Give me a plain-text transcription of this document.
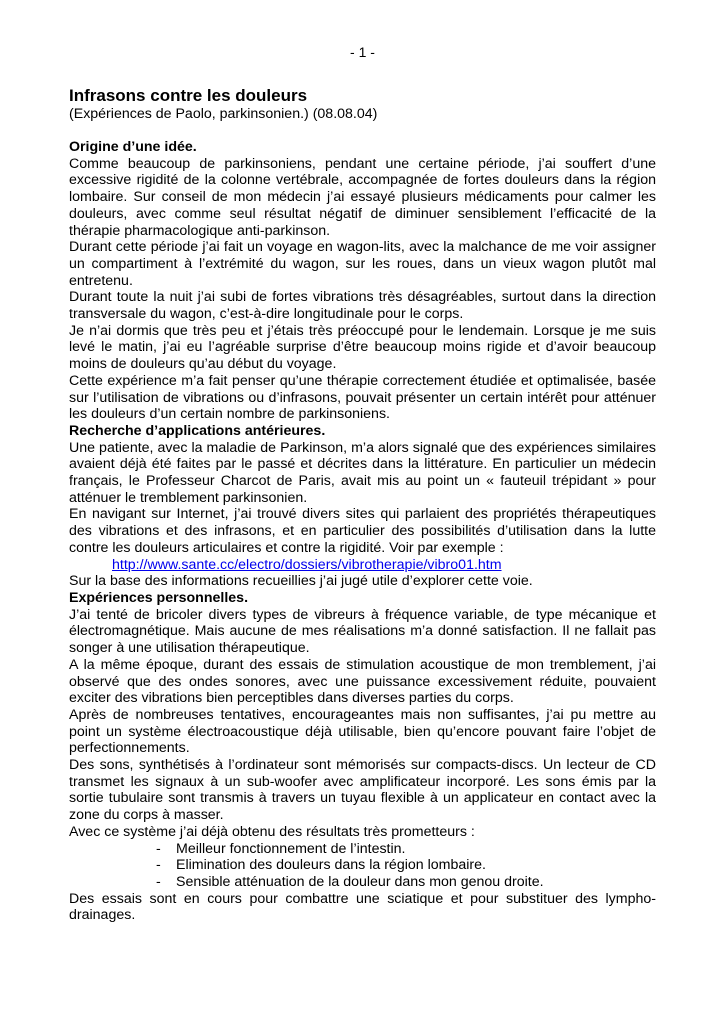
- 1 -
Infrasons contre les douleurs
(Expériences de Paolo, parkinsonien.) (08.08.04)
Origine d’une idée.

Comme beaucoup de parkinsoniens, pendant une certaine période, j’ai souffert d’une excessive rigidité de la colonne vertébrale, accompagnée de fortes douleurs dans la région lombaire. Sur conseil de mon médecin j’ai essayé plusieurs médicaments pour calmer les douleurs, avec comme seul résultat négatif de diminuer sensiblement l’efficacité de la thérapie pharmacologique anti-parkinson.

Durant cette période j’ai fait un voyage en wagon-lits, avec la malchance de me voir assigner un compartiment à l’extrémité du wagon, sur les roues, dans un vieux wagon plutôt mal entretenu.

Durant toute la nuit j’ai subi de fortes vibrations très désagréables, surtout dans la direction transversale du wagon, c’est-à-dire longitudinale pour le corps.

Je n’ai dormis que très peu et j’étais très préoccupé pour le lendemain. Lorsque je me suis levé le matin, j’ai eu l’agréable surprise d’être beaucoup moins rigide et d’avoir beaucoup moins de douleurs qu’au début du voyage.

Cette expérience m’a fait penser qu’une thérapie correctement étudiée et optimalisée, basée sur l’utilisation de vibrations ou d’infrasons, pouvait présenter un certain intérêt pour atténuer les douleurs d’un certain nombre de parkinsoniens.

Recherche d’applications antérieures.

Une patiente, avec la maladie de Parkinson, m’a alors signalé que des expériences similaires avaient déjà été faites par le passé et décrites dans la littérature. En particulier un médecin français, le Professeur Charcot de Paris, avait mis au point un « fauteuil trépidant » pour atténuer le tremblement parkinsonien.

En navigant sur Internet, j’ai trouvé divers sites qui parlaient des propriétés thérapeutiques des vibrations et des infrasons, et en particulier des possibilités d’utilisation dans la lutte contre les douleurs articulaires et contre la rigidité. Voir par exemple :

http://www.sante.cc/electro/dossiers/vibrotherapie/vibro01.htm

Sur la base des informations recueillies j’ai jugé utile d’explorer cette voie.

Expériences personnelles.

J’ai tenté de bricoler divers types de vibreurs à fréquence variable, de type mécanique et électromagnétique. Mais aucune de mes réalisations m’a donné satisfaction. Il ne fallait pas songer à une utilisation thérapeutique.

A la même époque, durant des essais de stimulation acoustique de mon tremblement, j’ai observé que des ondes sonores, avec une puissance excessivement réduite, pouvaient exciter des vibrations bien perceptibles dans diverses parties du corps.

Après de nombreuses tentatives, encourageantes mais non suffisantes, j’ai pu mettre au point un système électroacoustique déjà utilisable, bien qu’encore pouvant faire l’objet de perfectionnements.

Des sons, synthétisés à l’ordinateur sont mémorisés sur compacts-discs. Un lecteur de CD transmet les signaux à un sub-woofer avec amplificateur incorporé. Les sons émis par la sortie tubulaire sont transmis à travers un tuyau flexible à un applicateur en contact avec la zone du corps à masser.

Avec ce système j’ai déjà obtenu des résultats très prometteurs :

- Meilleur fonctionnement de l’intestin.
- Elimination des douleurs dans la région lombaire.
- Sensible atténuation de la douleur dans mon genou droite.

Des essais sont en cours pour combattre une sciatique et pour substituer des lympho-drainages.
